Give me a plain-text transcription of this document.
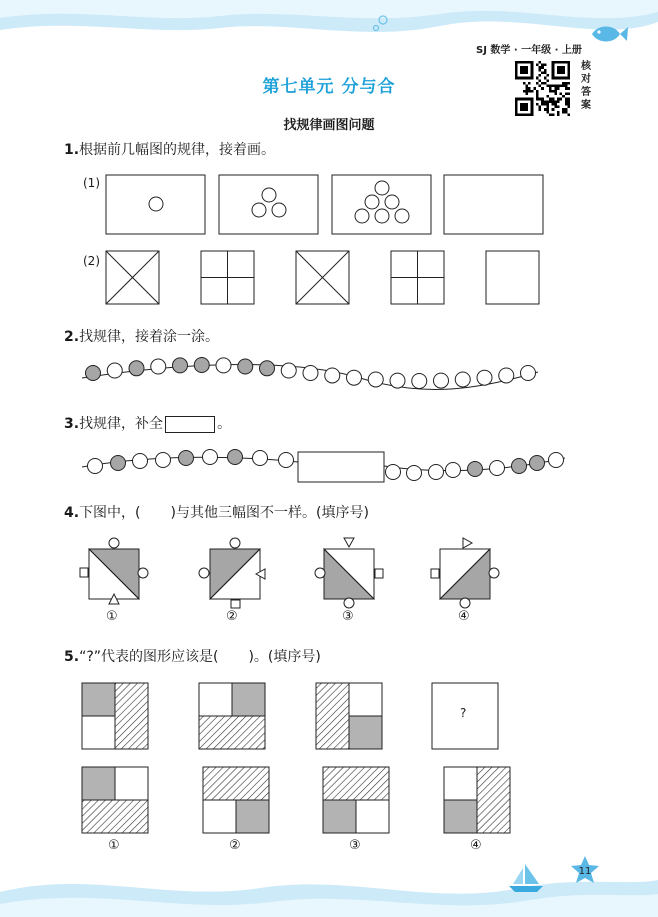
SJ 数学 · 一年级 · 上册
核对答案
第七单元 分与合
找规律画图问题
1.根据前几幅图的规律，接着画。
(1)
(2)
2.找规律，接着涂一涂。
3.找规律，补全	。
4.下图中，( )与其他三幅图不一样。(填序号)
①	②	③	④
5.“?”代表的图形应该是( )。(填序号)
?
①	②	③	④
11
